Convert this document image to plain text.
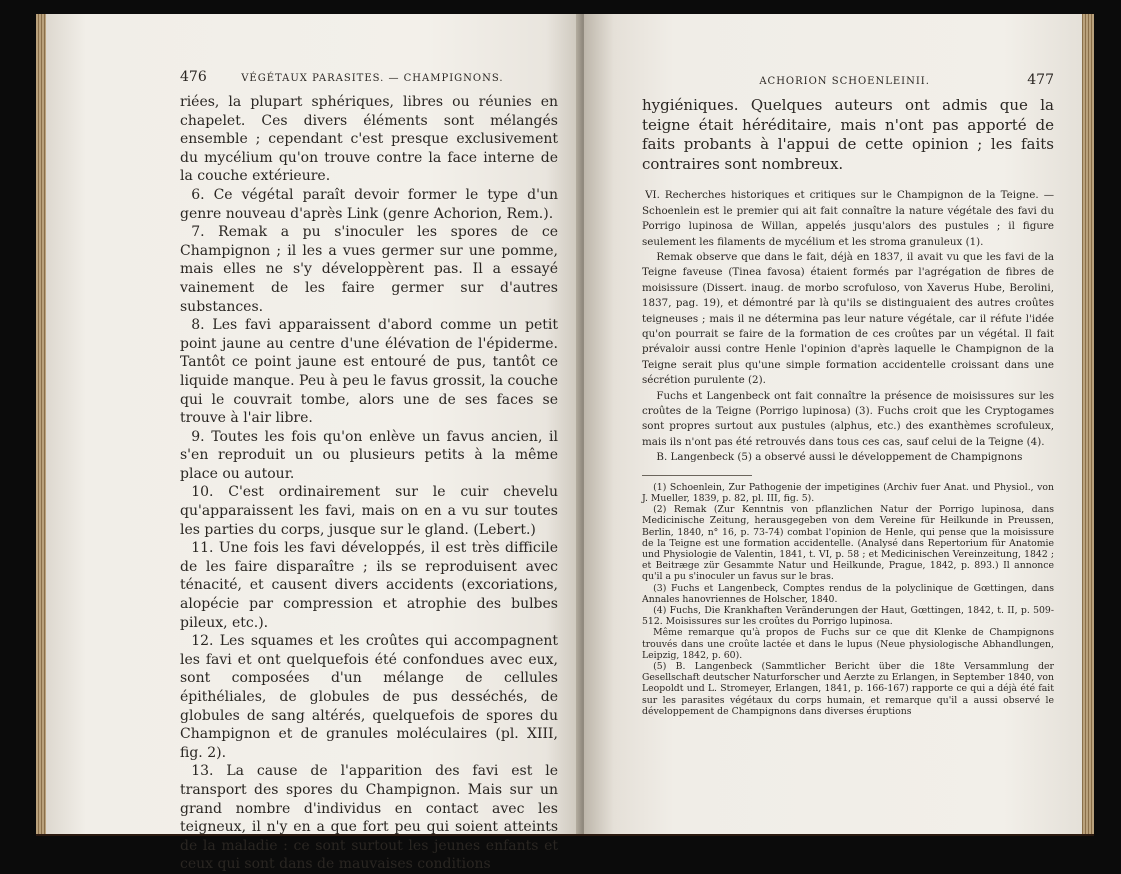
476	VÉGÉTAUX PARASITES. — CHAMPIGNONS.

riées, la plupart sphériques, libres ou réunies en chapelet. Ces divers éléments sont mélangés ensemble ; cependant c'est presque exclusivement du mycélium qu'on trouve contre la face interne de la couche extérieure.

6. Ce végétal paraît devoir former le type d'un genre nouveau d'après Link (genre Achorion, Rem.).

7. Remak a pu s'inoculer les spores de ce Champignon ; il les a vues germer sur une pomme, mais elles ne s'y développèrent pas. Il a essayé vainement de les faire germer sur d'autres substances.

8. Les favi apparaissent d'abord comme un petit point jaune au centre d'une élévation de l'épiderme. Tantôt ce point jaune est entouré de pus, tantôt ce liquide manque. Peu à peu le favus grossit, la couche qui le couvrait tombe, alors une de ses faces se trouve à l'air libre.

9. Toutes les fois qu'on enlève un favus ancien, il s'en reproduit un ou plusieurs petits à la même place ou autour.

10. C'est ordinairement sur le cuir chevelu qu'apparaissent les favi, mais on en a vu sur toutes les parties du corps, jusque sur le gland. (Lebert.)

11. Une fois les favi développés, il est très difficile de les faire disparaître ; ils se reproduisent avec ténacité, et causent divers accidents (excoriations, alopécie par compression et atrophie des bulbes pileux, etc.).

12. Les squames et les croûtes qui accompagnent les favi et ont quelquefois été confondues avec eux, sont composées d'un mélange de cellules épithéliales, de globules de pus desséchés, de globules de sang altérés, quelquefois de spores du Champignon et de granules moléculaires (pl. XIII, fig. 2).

13. La cause de l'apparition des favi est le transport des spores du Champignon. Mais sur un grand nombre d'individus en contact avec les teigneux, il n'y en a que fort peu qui soient atteints de la maladie : ce sont surtout les jeunes enfants et ceux qui sont dans de mauvaises conditions

ACHORION SCHOENLEINII.	477

hygiéniques. Quelques auteurs ont admis que la teigne était héréditaire, mais n'ont pas apporté de faits probants à l'appui de cette opinion ; les faits contraires sont nombreux.

VI. Recherches historiques et critiques sur le Champignon de la Teigne. — Schoenlein est le premier qui ait fait connaître la nature végétale des favi du Porrigo lupinosa de Willan, appelés jusqu'alors des pustules ; il figure seulement les filaments de mycélium et les stroma granuleux (1).

Remak observe que dans le fait, déjà en 1837, il avait vu que les favi de la Teigne faveuse (Tinea favosa) étaient formés par l'agrégation de fibres de moisissure (Dissert. inaug. de morbo scrofuloso, von Xaverus Hube, Berolini, 1837, pag. 19), et démontré par là qu'ils se distinguaient des autres croûtes teigneuses ; mais il ne détermina pas leur nature végétale, car il réfute l'idée qu'on pourrait se faire de la formation de ces croûtes par un végétal. Il fait prévaloir aussi contre Henle l'opinion d'après laquelle le Champignon de la Teigne serait plus qu'une simple formation accidentelle croissant dans une sécrétion purulente (2).

Fuchs et Langenbeck ont fait connaître la présence de moisissures sur les croûtes de la Teigne (Porrigo lupinosa) (3). Fuchs croit que les Cryptogames sont propres surtout aux pustules (alphus, etc.) des exanthèmes scrofuleux, mais ils n'ont pas été retrouvés dans tous ces cas, sauf celui de la Teigne (4).

B. Langenbeck (5) a observé aussi le développement de Champignons

(1) Schoenlein, Zur Pathogenie der impetigines (Archiv fuer Anat. und Physiol., von J. Mueller, 1839, p. 82, pl. III, fig. 5).

(2) Remak (Zur Kenntnis von pflanzlichen Natur der Porrigo lupinosa, dans Medicinische Zeitung, herausgegeben von dem Vereine für Heilkunde in Preussen, Berlin, 1840, n° 16, p. 73-74) combat l'opinion de Henle, qui pense que la moisissure de la Teigne est une formation accidentelle. (Analysé dans Repertorium für Anatomie und Physiologie de Valentin, 1841, t. VI, p. 58 ; et Medicinischen Vereinzeitung, 1842 ; et Beitræge zür Gesammte Natur und Heilkunde, Prague, 1842, p. 893.) Il annonce qu'il a pu s'inoculer un favus sur le bras.

(3) Fuchs et Langenbeck, Comptes rendus de la polyclinique de Gœttingen, dans Annales hanovriennes de Holscher, 1840.

(4) Fuchs, Die Krankhaften Veränderungen der Haut, Gœttingen, 1842, t. II, p. 509-512. Moisissures sur les croûtes du Porrigo lupinosa.

Même remarque qu'à propos de Fuchs sur ce que dit Klenke de Champignons trouvés dans une croûte lactée et dans le lupus (Neue physiologische Abhandlungen, Leipzig, 1842, p. 60).

(5) B. Langenbeck (Sammtlicher Bericht über die 18te Versammlung der Gesellschaft deutscher Naturforscher und Aerzte zu Erlangen, in September 1840, von Leopoldt und L. Stromeyer, Erlangen, 1841, p. 166-167) rapporte ce qui a déjà été fait sur les parasites végétaux du corps humain, et remarque qu'il a aussi observé le développement de Champignons dans diverses éruptions
